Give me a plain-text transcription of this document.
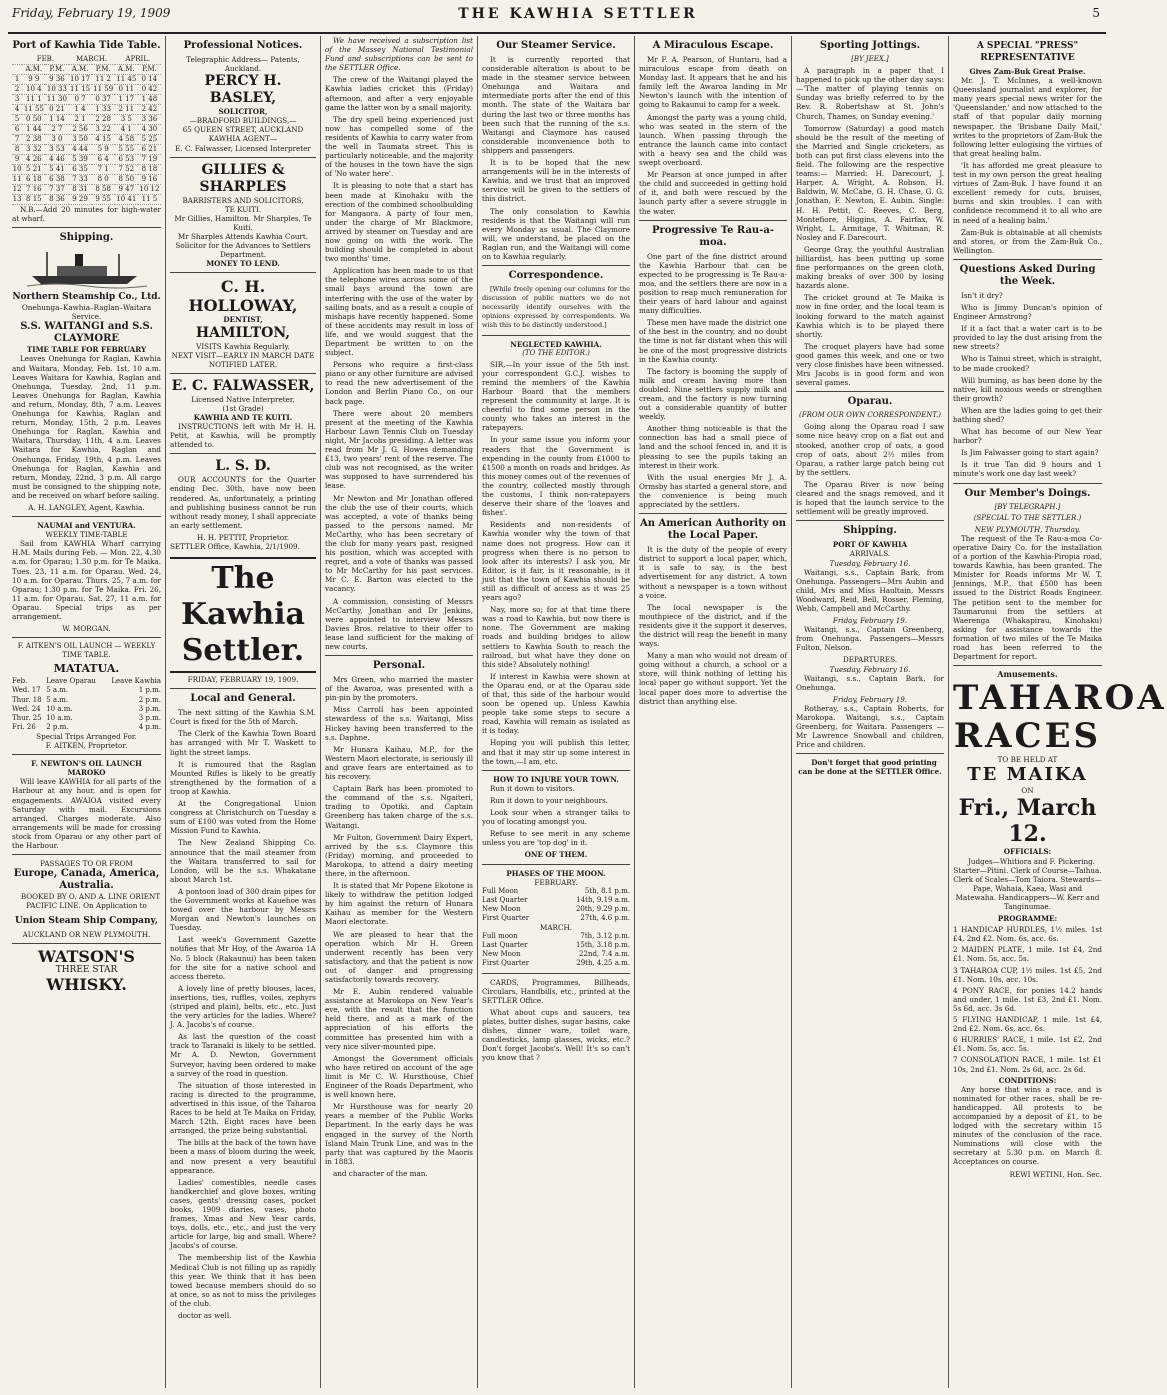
Friday, February 19, 1909	THE KAWHIA SETTLER	5
Port of Kawhia Tide Table.
	FEB.		MARCH.		APRIL.	
	A.M.	P.M.	A.M.	P.M.	A.M.	P.M.
1	9 9	9 36	10 17	11 2	11 45	0 14
2	10 4	10 33	11 15	11 59	0 11	0 42
3	11 1	11 30	0 7	0 37	1 17	1 48
4	11 55	0 21	1 4	1 33	2 11	2 42
5	0 50	1 14	2 1	2 28	3 5	3 36
6	1 44	2 7	2 56	3 22	4 1	4 30
7	2 38	3 0	3 50	4 15	4 58	5 25
8	3 32	3 53	4 44	5 9	5 55	6 21
9	4 26	4 46	5 39	6 4	6 53	7 19
10	5 21	5 41	6 35	7 1	7 52	8 18
11	6 18	6 38	7 33	8 0	8 50	9 16
12	7 16	7 37	8 31	8 58	9 47	10 12
13	8 15	8 36	9 29	9 55	10 41	11 5

N.B.—Add 20 minutes for high-water at wharf.

Shipping.
Northern Steamship Co., Ltd.
Onehunga–Kawhia–Raglan–Waitara Service.
S.S. WAITANGI and S.S. CLAYMORE
TIME TABLE FOR FEBRUARY

Leaves Onehunga for Raglan, Kawhia and Waitara, Monday, Feb. 1st, 10 a.m. Leaves Waitara for Kawhia, Raglan and Onehunga, Tuesday, 2nd, 11 p.m. Leaves Onehunga for Raglan, Kawhia and return, Monday, 8th, 7 a.m. Leaves Onehunga for Kawhia, Raglan and return, Monday, 15th, 2 p.m. Leaves Onehunga for Raglan, Kawhia and Waitara, Thursday, 11th, 4 a.m. Leaves Waitara for Kawhia, Raglan and Onehunga, Friday, 19th, 4 p.m. Leaves Onehunga for Raglan, Kawhia and return, Monday, 22nd, 3 p.m. All cargo must be consigned to the shipping note, and be received on wharf before sailing.

A. H. LANGLEY, Agent, Kawhia.
NAUMAI and VENTURA.
WEEKLY TIME-TABLE

Sail from KAWHIA Wharf carrying H.M. Mails during Feb. — Mon. 22, 4.30 a.m. for Oparau; 1.30 p.m. for Te Maika. Tues. 23, 11 a.m. for Oparau. Wed. 24, 10 a.m. for Oparau. Thurs. 25, 7 a.m. for Oparau; 1.30 p.m. for Te Maika. Fri. 26, 11 a.m. for Oparau. Sat. 27, 11 a.m. for Oparau. Special trips as per arrangement.

W. MORGAN.
F. AITKEN'S OIL LAUNCH — WEEKLY TIME TABLE.
MATATUA.
Feb.	Leave Oparau	Leave Kawhia
Wed. 17	5 a.m.	1 p.m.
Thur. 18	5 a.m.	2 p.m.
Wed. 24	10 a.m.	3 p.m.
Thur. 25	10 a.m.	3 p.m.
Fri. 26	2 p.m.	4 p.m.
Special Trips Arranged For.
F. AITKEN, Proprietor.
F. NEWTON'S OIL LAUNCH MAROKO

Will leave KAWHIA for all parts of the Harbour at any hour, and is open for engagements. AWAIOA visited every Saturday with mail. Excursions arranged. Charges moderate. Also arrangements will be made for crossing stock from Oparau or any other part of the Harbour.

PASSAGES TO OR FROM
Europe, Canada, America, Australia.

BOOKED BY O. AND A. LINE ORIENT PACIFIC LINE. On Application to

Union Steam Ship Company,
AUCKLAND OR NEW PLYMOUTH.
WATSON'S
THREE STAR
WHISKY.
Professional Notices.
Telegraphic Address— Patents, Auckland.
PERCY H. BASLEY,
SOLICITOR,
—BRADFORD BUILDINGS,—
65 QUEEN STREET, AUCKLAND
KAWHIA AGENT—
E. C. Falwasser, Licensed Interpreter
GILLIES & SHARPLES
BARRISTERS AND SOLICITORS,
TE KUITI.
Mr Gillies, Hamilton. Mr Sharples, Te Kuiti.
Mr Sharples Attends Kawhia Court.
Solicitor for the Advances to Settlers Department.
MONEY TO LEND.
C. H. HOLLOWAY,
DENTIST,
HAMILTON,
VISITS Kawhia Regularly.
NEXT VISIT—EARLY IN MARCH DATE NOTIFIED LATER.
E. C. FALWASSER,
Licensed Native Interpreter,
(1st Grade)
KAWHIA AND TE KUITI.

INSTRUCTIONS left with Mr H. H. Petit, at Kawhia, will be promptly attended to.

L. S. D.

OUR ACCOUNTS for the Quarter ending Dec. 30th, have now been rendered. As, unfortunately, a printing and publishing business cannot be run without ready money, I shall appreciate an early settlement.

H. H. PETTIT, Proprietor.
SETTLER Office, Kawhia, 2/1/1909.
The Kawhia Settler.
FRIDAY, FEBRUARY 19, 1909.
Local and General.

The next sitting of the Kawhia S.M. Court is fixed for the 5th of March.

The Clerk of the Kawhia Town Board has arranged with Mr T. Waskett to light the street lamps.

It is rumoured that the Raglan Mounted Rifles is likely to be greatly strengthened by the formation of a troop at Kawhia.

At the Congregational Union congress at Christchurch on Tuesday a sum of £100 was voted from the Home Mission Fund to Kawhia.

The New Zealand Shipping Co. announce that the mail steamer from the Waitara transferred to sail for London, will be the s.s. Whakatane about March 1st.

A pontoon load of 300 drain pipes for the Government works at Kauehoe was towed over the harbour by Messrs Morgan and Newton's launches on Tuesday.

Last week's Government Gazette notifies that Mr Hoy, of the Awaroa 1A No. 5 block (Rakaunui) has been taken for the site for a native school and access thereto.

A lovely line of pretty blouses, laces, insertions, ties, ruffles, voiles, zephyrs (striped and plain), belts, etc., etc. Just the very articles for the ladies. Where? J. A. Jacobs's of course.

As last the question of the coast track to Taranaki is likely to be settled. Mr A. D. Newton, Government Surveyor, having been ordered to make a survey of the road in question.

The situation of those interested in racing is directed to the programme, advertised in this issue, of the Taharoa Races to be held at Te Maika on Friday, March 12th. Eight races have been arranged, the prize being substantial.

The bills at the back of the town have been a mass of bloom during the week, and now present a very beautiful appearance.

Ladies' comestibles, needle cases handkerchief and glove boxes, writing cases, gents' dressing cases, pocket books, 1909 diaries, vases, photo frames, Xmas and New Year cards, toys, dolls, etc., etc., and just the very article for large, big and small. Where? Jacobs's of course.

The membership list of the Kawhia Medical Club is not filling up as rapidly this year. We think that it has been towed because members should do so at once, so as not to miss the privileges of the club.

doctor as well.

We have received a subscription list of the Massey National Testimonial Fund and subscriptions can be sent to the SETTLER Office.

The crew of the Waitangi played the Kawhia ladies cricket this (Friday) afternoon, and after a very enjoyable game the latter won by a small majority.

The dry spell being experienced just now has compelled some of the residents of Kawhia to carry water from the well in Taumata street. This is particularly noticeable, and the majority of the houses in the town have the sign of 'No water here'.

It is pleasing to note that a start has been made at Kinohaku with the erection of the combined schoolbuilding for Mangaora. A party of four men, under the charge of Mr Blackmore, arrived by steamer on Tuesday and are now going on with the work. The building should be completed in about two months' time.

Application has been made to us that the telephone wires across some of the small bays around the town are interfering with the use of the water by sailing boats, and as a result a couple of mishaps have recently happened. Some of these accidents may result in loss of life, and we would suggest that the Department be written to on the subject.

Persons who require a first-class piano or any other furniture are advised to read the new advertisement of the London and Berlin Piano Co., on our back page.

There were about 20 members present at the meeting of the Kawhia Harbour Lawn Tennis Club on Tuesday night, Mr Jacobs presiding. A letter was read from Mr J. G. Howes demanding £13, two years' rent of the reserve. The club was not recognised, as the writer was supposed to have surrendered his lease.

Mr Newton and Mr Jonathan offered the club the use of their courts, which was accepted, a vote of thanks being passed to the persons named. Mr McCarthy, who has been secretary of the club for many years past, resigned his position, which was accepted with regret, and a vote of thanks was passed to Mr McCarthy for his past services. Mr C. E. Barton was elected to the vacancy.

A commission, consisting of Messrs McCarthy, Jonathan and Dr Jenkins, were appointed to interview Messrs Davies Bros. relative to their offer to lease land sufficient for the making of new courts.

Personal.

Mrs Green, who married the master of the Awaroa, was presented with a pin-pin by the promoters.

Miss Carroll has been appointed stewardess of the s.s. Waitangi, Miss Hickey having been transferred to the s.s. Daphne.

Mr Hunara Kaihau, M.P., for the Western Maori electorate, is seriously ill and grave fears are entertained as to his recovery.

Captain Bark has been promoted to the command of the s.s. Ngaiteri, trading to Opotiki, and Captain Greenberg has taken charge of the s.s. Waitangi.

Mr Fulton, Government Dairy Expert, arrived by the s.s. Claymore this (Friday) morning, and proceeded to Marokopa, to attend a dairy meeting there, in the afternoon.

It is stated that Mr Popene Ekotone is likely to withdraw the petition lodged by him against the return of Hunara Kaihau as member for the Western Maori electorate.

We are pleased to hear that the operation which Mr H. Green underwent recently has been very satisfactory, and that the patient is now out of danger and progressing satisfactorily towards recovery.

Mr E. Aubin rendered valuable assistance at Marokopa on New Year's eve, with the result that the function held there, and as a mark of the appreciation of his efforts the committee has presented him with a very nice silver-mounted pipe.

Amongst the Government officials who have retired on account of the age limit is Mr C. W. Hursthouse, Chief Engineer of the Roads Department, who is well known here.

Mr Hursthouse was for nearly 20 years a member of the Public Works Department. In the early days he was engaged in the survey of the North Island Main Trunk Line, and was in the party that was captured by the Maoris in 1883.

and character of the man.

Our Steamer Service.

It is currently reported that considerable alteration is about to be made in the steamer service between Onehunga and Waitara and intermediate ports after the end of this month. The state of the Waitara bar during the last two or three months has been such that the running of the s.s. Waitangi and Claymore has caused considerable inconvenience both to shippers and passengers.

It is to be hoped that the new arrangements will be in the interests of Kawhia, and we trust that an improved service will be given to the settlers of this district.

The only consolation to Kawhia residents is that the Waitangi will run every Monday as usual. The Claymore will, we understand, be placed on the Raglan run, and the Waitangi will come on to Kawhia regularly.

Correspondence.

[While freely opening our columns for the discussion of public matters we do not necessarily identify ourselves with the opinions expressed by correspondents. We wish this to be distinctly understood.]

NEGLECTED KAWHIA.
(TO THE EDITOR.)

SIR,—In your issue of the 5th inst. your correspondent G.C.J. wishes to remind the members of the Kawhia Harbour Board that the members represent the community at large. It is cheerful to find some person in the county who takes an interest in the ratepayers.

In your same issue you inform your readers that the Government is expending in the county from £1000 to £1500 a month on roads and bridges. As this money comes out of the revenues of the country, collected mostly through the customs, I think non-ratepayers deserve their share of the 'loaves and fishes'.

Residents and non-residents of Kawhia wonder why the town of that name does not progress. How can it progress when there is no person to look after its interests? I ask you, Mr Editor, is it fair, is it reasonable, is it just that the town of Kawhia should be still as difficult of access as it was 25 years ago?

Nay, more so; for at that time there was a road to Kawhia, but now there is none. The Government are making roads and building bridges to allow settlers to Kawhia South to reach the railroad, but what have they done on this side? Absolutely nothing!

If interest in Kawhia were shown at the Oparau end, or at the Oparau side of that, this side of the harbour would soon be opened up. Unless Kawhia people take some steps to secure a road, Kawhia will remain as isolated as it is today.

Hoping you will publish this letter, and that it may stir up some interest in the town,—I am, etc.

HOW TO INJURE YOUR TOWN.

Run it down to visitors.

Run it down to your neighbours.

Look sour when a stranger talks to you of locating amongst you.

Refuse to see merit in any scheme unless you are 'top dog' in it.

ONE OF THEM.
PHASES OF THE MOON.
FEBRUARY.
Full Moon	5th, 8.1 p.m.
Last Quarter	14th, 9.19 a.m.
New Moon	20th, 9.29 p.m.
First Quarter	27th, 4.6 p.m.
MARCH.
Full moon	7th, 3.12 p.m.
Last Quarter	15th, 3.18 p.m.
New Moon	22nd, 7.4 a.m.
First Quarter	29th, 4.25 a.m.

CARDS, Programmes, Billheads, Circulars, Handbills, etc., printed at the SETTLER Office.

What about cups and saucers, tea plates, butter dishes, sugar basins, cake dishes, dinner ware, toilet ware, candlesticks, lamp glasses, wicks, etc.? Don't forget Jacobs's. Well! It's so can't you know that ?

A Miraculous Escape.

Mr F. A. Pearson, of Huntaru, had a miraculous escape from death on Monday last. It appears that he and his family left the Awaroa landing in Mr Newton's launch with the intention of going to Rakaunui to camp for a week.

Amongst the party was a young child, who was seated in the stern of the launch. When passing through the entrance the launch came into contact with a heavy sea and the child was swept overboard.

Mr Pearson at once jumped in after the child and succeeded in getting hold of it, and both were rescued by the launch party after a severe struggle in the water.

Progressive Te Rau-a-moa.

One part of the fine district around the Kawhia Harbour that can be expected to be progressing is Te Rau-a-moa, and the settlers there are now in a position to reap much remuneration for their years of hard labour and against many difficulties.

These men have made the district one of the best in the country, and no doubt the time is not far distant when this will be one of the most progressive districts in the Kawhia county.

The factory is booming the supply of milk and cream having more than doubled. Nine settlers supply milk and cream, and the factory is now turning out a considerable quantity of butter weekly.

Another thing noticeable is that the connection has had a small piece of land and the school fenced in, and it is pleasing to see the pupils taking an interest in their work.

With the usual energies Mr J. A. Ormsby has started a general store, and the convenience is being much appreciated by the settlers.

An American Authority on the Local Paper.

It is the duty of the people of every district to support a local paper, which, it is safe to say, is the best advertisement for any district. A town without a newspaper is a town without a voice.

The local newspaper is the mouthpiece of the district, and if the residents give it the support it deserves, the district will reap the benefit in many ways.

Many a man who would not dream of going without a church, a school or a store, will think nothing of letting his local paper go without support. Yet the local paper does more to advertise the district than anything else.

Sporting Jottings.
[BY JEEX.]

A paragraph in a paper that I happened to pick up the other day says:—'The matter of playing tennis on Sunday was briefly referred to by the Rev. R. Robertshaw at St. John's Church, Thames, on Sunday evening.'

Tomorrow (Saturday) a good match should be the result of the meeting of the Married and Single cricketers, as both can put first class elevens into the field. The following are the respective teams:— Married: H. Darecourt, J. Harper, A. Wright, A. Robson, H. Baldwin, W. McCabe, G. H. Chase, G. G. Jonathan, F. Newton, E. Aubin. Single: H. H. Pettit, C. Reeves, C. Berg, Montefiore, Higgins, A. Fairfax, W. Wright, L. Armitage, T. Whitman, R. Nosley and F. Darecourt.

George Gray, the youthful Australian billiardist, has been putting up some fine performances on the green cloth, making breaks of over 300 by losing hazards alone.

The cricket ground at Te Maika is now in fine order, and the local team is looking forward to the match against Kawhia which is to be played there shortly.

The croquet players have had some good games this week, and one or two very close finishes have been witnessed. Mrs Jacobs is in good form and won several games.

Oparau.
(FROM OUR OWN CORRESPONDENT.)

Going along the Oparau road I saw some nice heavy crop on a flat out and stooked, another crop of oats, a good crop of oats, about 2½ miles from Oparau, a rather large patch being cut by the settlers.

The Oparau River is now being cleared and the snags removed, and it is hoped that the launch service to the settlement will be greatly improved.

Shipping.
PORT OF KAWHIA
ARRIVALS.
Tuesday, February 16.

Waitangi, s.s., Captain Bark, from Onehunga. Passengers—Mrs Aubin and child, Mrs and Miss Haultain, Messrs Woodward, Reid, Bell, Rosser, Fleming, Webb, Campbell and McCarthy.

Friday, February 19.

Waitangi, s.s., Captain Greenberg, from Onehunga. Passengers—Messrs Fulton, Nelson.

DEPARTURES.
Tuesday, February 16.

Waitangi, s.s., Captain Bark, for Onehunga.

Friday, February 19.

Rotheray, s.s., Captain Roberts, for Marokopa. Waitangi, s.s., Captain Greenberg, for Waitara. Passengers — Mr Lawrence Snowball and children, Price and children.

Don't forget that good printing can be done at the SETTLER Office.

A SPECIAL "PRESS" REPRESENTATIVE
Gives Zam-Buk Great Praise.

Mr. J. T. McInnes, a well-known Queensland journalist and explorer, for many years special news writer for the 'Queenslander,' and now attached to the staff of that popular daily morning newspaper, the 'Brisbane Daily Mail,' writes to the proprietors of Zam-Buk the following letter eulogising the virtues of that great healing balm.

'It has afforded me great pleasure to test in my own person the great healing virtues of Zam-Buk. I have found it an excellent remedy for cuts, bruises, burns and skin troubles. I can with confidence recommend it to all who are in need of a healing balm.'

Zam-Buk is obtainable at all chemists and stores, or from the Zam-Buk Co., Wellington.

Questions Asked During the Week.

Isn't it dry?

Who is Jimmy Duncan's opinion of Engineer Armstrong?

If it a fact that a water cart is to be provided to lay the dust arising from the new streets?

Who is Tainui street, which is straight, to be made crooked?

Will burning, as has been done by the native, kill noxious weeds or strengthen their growth?

When are the ladies going to get their bathing shed?

What has become of our New Year harbor?

Is Jim Falwasser going to start again?

Is it true Tan did 9 hours and 1 minute's work one day last week?

Our Member's Doings.
[BY TELEGRAPH.]
(SPECIAL TO THE SETTLER.)
NEW PLYMOUTH, Thursday.

The request of the Te Rau-a-moa Co-operative Dairy Co. for the installation of a portion of the Kawhia-Piropia road, towards Kawhia, has been granted. The Minister for Roads informs Mr W. T. Jennings, M.P., that £500 has been issued to the District Roads Engineer. The petition sent to the member for Taumarunui from the settlers at Waerenga (Whakapirau, Kinohaku) asking for assistance towards the formation of two miles of the Te Maika road has been referred to the Department for report.

Amusements.
TAHAROA
RACES
TO BE HELD AT
TE MAIKA
ON
Fri., March 12.
OFFICIALS:

Judges—Whitiora and F. Pickering. Starter—Pitini. Clerk of Course—Taihua. Clerk of Scales—Tom Taiora. Stewards—Pape, Wahaia, Kaea, Wasi and Matewaha. Handicappers—W. Kerr and Tanginumae.

PROGRAMME:
1 HANDICAP HURDLES, 1½ miles. 1st £4, 2nd £2. Nom. 6s, acc. 6s.
2 MAIDEN PLATE, 1 mile. 1st £4, 2nd £1. Nom. 5s, acc. 5s.
3 TAHAROA CUP, 1½ miles. 1st £5, 2nd £1. Nom. 10s, acc. 10s.
4 PONY RACE, for ponies 14.2 hands and under, 1 mile. 1st £3, 2nd £1. Nom. 5s 6d, acc. 3s 6d.
5 FLYING HANDICAP, 1 mile. 1st £4, 2nd £2. Nom. 6s, acc. 6s.
6 HURRIES' RACE, 1 mile. 1st £2, 2nd £1. Nom. 5s, acc. 5s.
7 CONSOLATION RACE, 1 mile. 1st £1 10s, 2nd £1. Nom. 2s 6d, acc. 2s 6d.
CONDITIONS:

Any horse that wins a race, and is nominated for other races, shall be re-handicapped. All protests to be accompanied by a deposit of £1, to be lodged with the secretary within 15 minutes of the conclusion of the race. Nominations will close with the secretary at 5.30 p.m. on March 8. Acceptances on course.

REWI WETINI, Hon. Sec.
